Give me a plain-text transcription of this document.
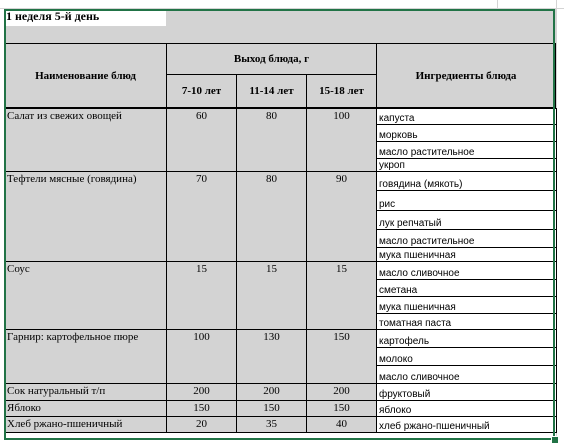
1 неделя 5-й день
Наименование блюд
Выход блюда, г
7-10 лет	11-14 лет	15-18 лет
Ингредиенты блюда
Салат из свежих овощей	60	80	100	капуста
морковь
масло растительное
укроп
Тефтели мясные (говядина)	70	80	90	говядина (мякоть)
рис
лук репчатый
масло растительное
мука пшеничная
Соус	15	15	15	масло сливочное
сметана
мука пшеничная
томатная паста
Гарнир: картофельное пюре	100	130	150	картофель
молоко
масло сливочное
Сок натуральный т/п	200	200	200	фруктовый
Яблоко	150	150	150	яблоко
Хлеб ржано-пшеничный	20	35	40	хлеб ржано-пшеничный
